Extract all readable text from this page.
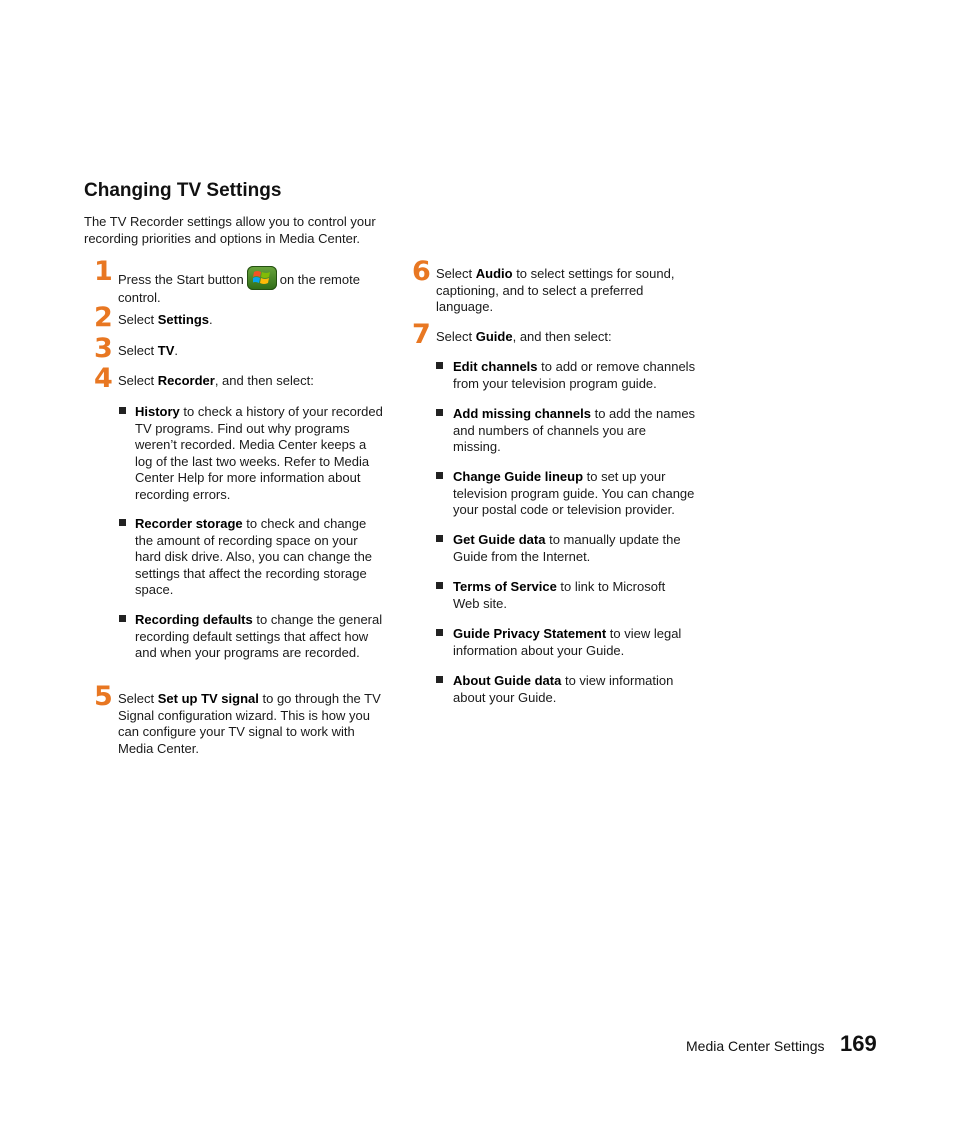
Changing TV Settings

The TV Recorder settings allow you to control your recording priorities and options in Media Center.

1 Press the Start button	on the remote control.
2 Select Settings.
3 Select TV.
4 Select Recorder, and then select:
History to check a history of your recorded TV programs. Find out why programs weren’t recorded. Media Center keeps a log of the last two weeks. Refer to Media Center Help for more information about recording errors.
Recorder storage to check and change the amount of recording space on your hard disk drive. Also, you can change the settings that affect the recording storage space.
Recording defaults to change the general recording default settings that affect how and when your programs are recorded.
5 Select Set up TV signal to go through the TV Signal configuration wizard. This is how you can configure your TV signal to work with Media Center.
6 Select Audio to select settings for sound, captioning, and to select a preferred language.
7 Select Guide, and then select:
Edit channels to add or remove channels from your television program guide.
Add missing channels to add the names and numbers of channels you are missing.
Change Guide lineup to set up your television program guide. You can change your postal code or television provider.
Get Guide data to manually update the Guide from the Internet.
Terms of Service to link to Microsoft Web site.
Guide Privacy Statement to view legal information about your Guide.
About Guide data to view information about your Guide.
Media Center Settings 169
